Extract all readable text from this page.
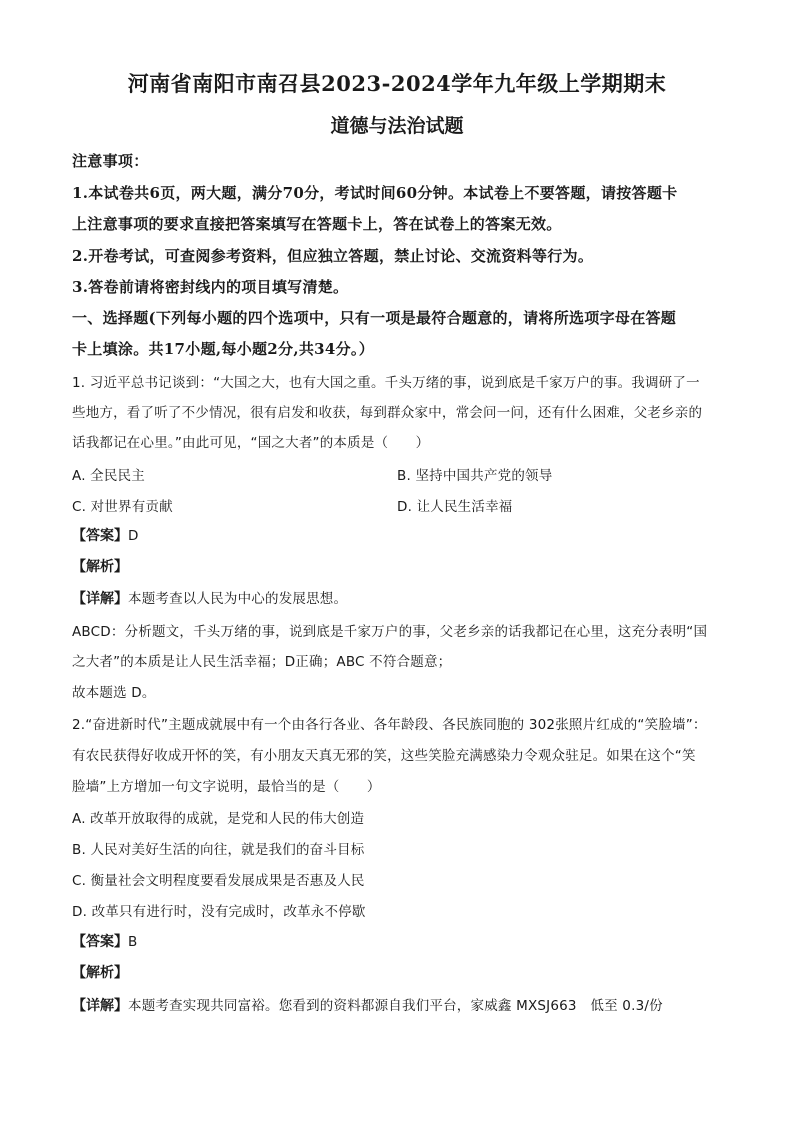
河南省南阳市南召县2023-2024学年九年级上学期期末
道德与法治试题
注意事项：
1.本试卷共6页，两大题，满分70分，考试时间60分钟。本试卷上不要答题，请按答题卡
上注意事项的要求直接把答案填写在答题卡上，答在试卷上的答案无效。
2.开卷考试，可查阅参考资料，但应独立答题，禁止讨论、交流资料等行为。
3.答卷前请将密封线内的项目填写清楚。
一、选择题(下列每小题的四个选项中，只有一项是最符合题意的，请将所选项字母在答题
卡上填涂。共17小题,每小题2分,共34分。）
1. 习近平总书记谈到：“大国之大，也有大国之重。千头万绪的事，说到底是千家万户的事。我调研了一
些地方，看了听了不少情况，很有启发和收获，每到群众家中，常会问一问，还有什么困难，父老乡亲的
话我都记在心里。”由此可见，“国之大者”的本质是（　　）
A. 全民民主	B. 坚持中国共产党的领导
C. 对世界有贡献	D. 让人民生活幸福
【答案】D
【解析】
【详解】本题考查以人民为中心的发展思想。
ABCD：分析题文，千头万绪的事，说到底是千家万户的事，父老乡亲的话我都记在心里，这充分表明“国
之大者”的本质是让人民生活幸福；D正确；ABC 不符合题意；
故本题选 D。
2.“奋进新时代”主题成就展中有一个由各行各业、各年龄段、各民族同胞的 302张照片红成的“笑脸墙”：
有农民获得好收成开怀的笑，有小朋友天真无邪的笑，这些笑脸充满感染力令观众驻足。如果在这个“笑
脸墙”上方增加一句文字说明，最恰当的是（　　）
A. 改革开放取得的成就，是党和人民的伟大创造
B. 人民对美好生活的向往，就是我们的奋斗目标
C. 衡量社会文明程度要看发展成果是否惠及人民
D. 改革只有进行时，没有完成时，改革永不停歇
【答案】B
【解析】
【详解】本题考查实现共同富裕。您看到的资料都源自我们平台，家威鑫 MXSJ663　低至 0.3/份
